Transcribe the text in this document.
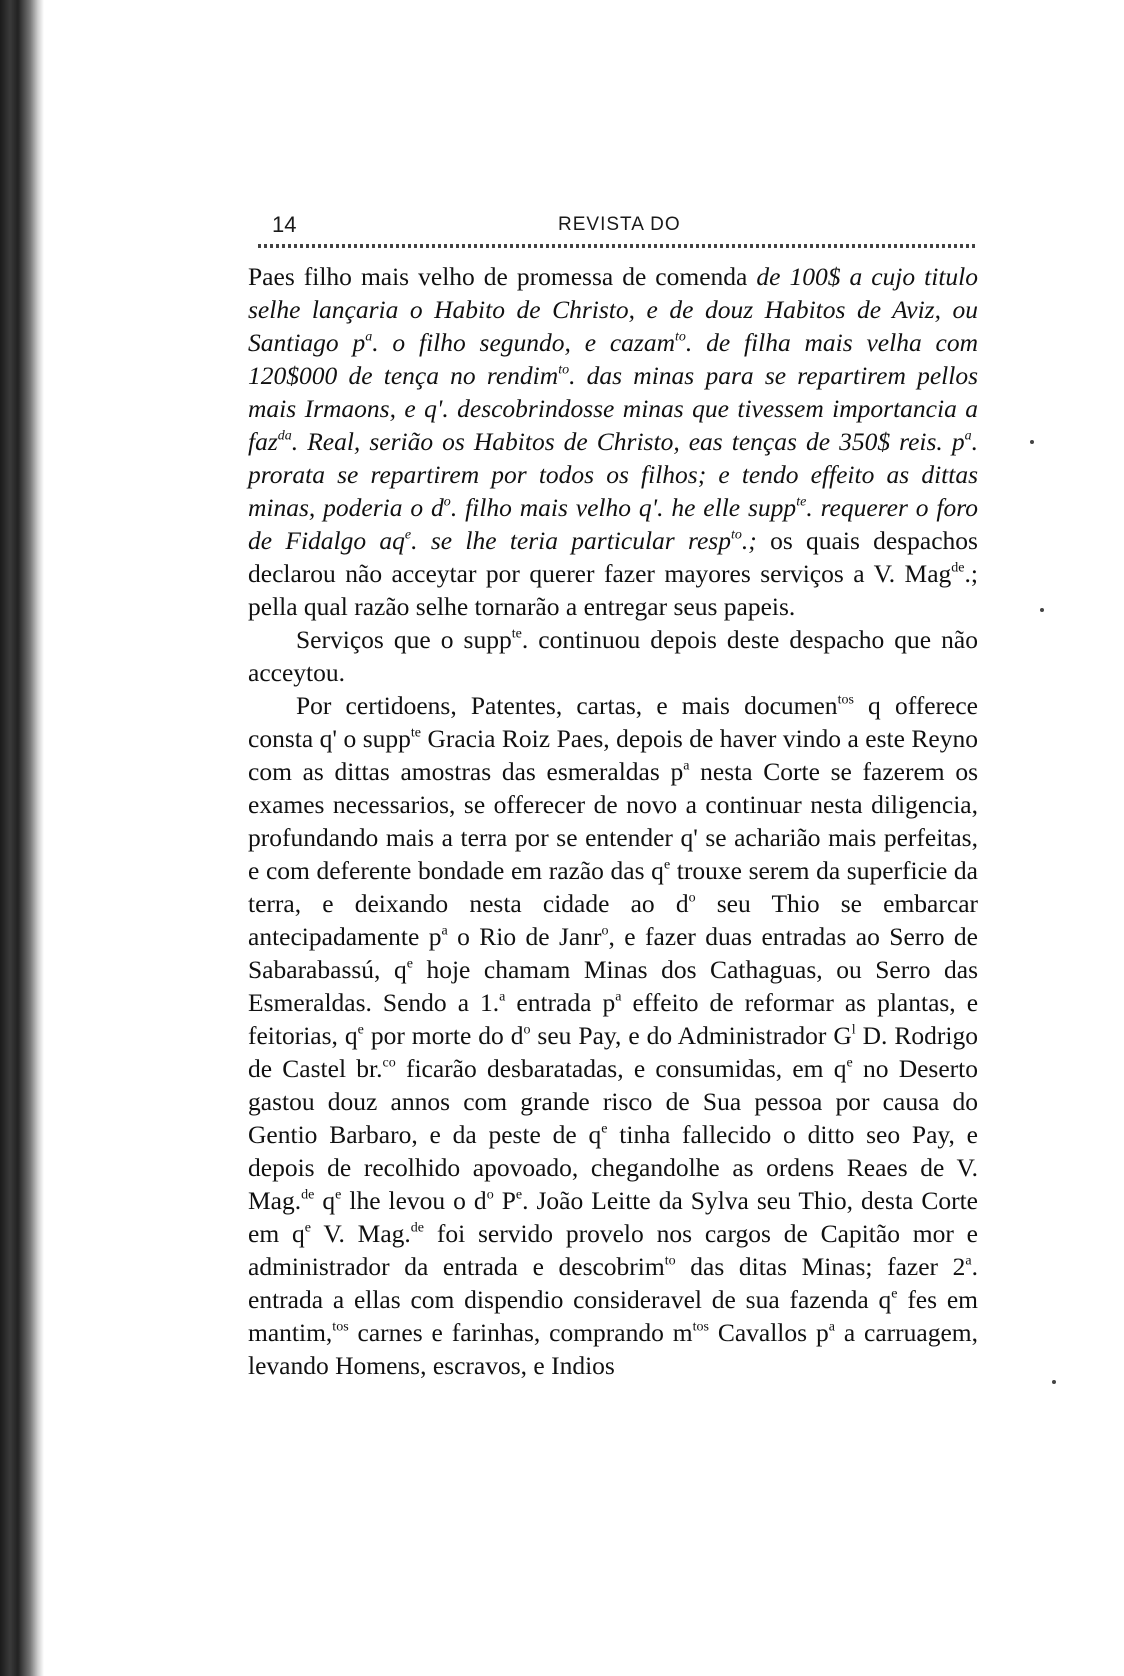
14	REVISTA DO

Paes filho mais velho de promessa de comenda de 100$ a cujo titulo selhe lançaria o Habito de Christo, e de douz Habitos de Aviz, ou Santiago $p^a$. o filho segundo, e cazam$^{to}$. de filha mais velha com 120$000 de tença no rendim$^{to}$. das minas para se repartirem pellos mais Irmaons, e q'. descobrindosse minas que tivessem importancia a faz$^{da}$. Real, serião os Habitos de Christo, eas tenças de 350$ reis. $p^a$. prorata se repartirem por todos os filhos; e tendo effeito as dittas minas, poderia o $d^o$. filho mais velho q'. he elle supp$^{te}$. requerer o foro de Fidalgo $aq^e$. se lhe teria particular resp$^{to}$.; os quais despachos declarou não acceytar por querer fazer mayores serviços a V. Mag$^{de}$.; pella qual razão selhe tornarão a entregar seus papeis.

Serviços que o supp$^{te}$. continuou depois deste despacho que não acceytou.

Por certidoens, Patentes, cartas, e mais documen$^{tos}$ q offerece consta q' o supp$^{te}$ Gracia Roiz Paes, depois de haver vindo a este Reyno com as dittas amostras das esmeraldas $p^a$ nesta Corte se fazerem os exames necessarios, se offerecer de novo a continuar nesta diligencia, profundando mais a terra por se entender q' se acharião mais perfeitas, e com deferente bondade em razão das $q^e$ trouxe serem da superficie da terra, e deixando nesta cidade ao $d^o$ seu Thio se embarcar antecipadamente $p^a$ o Rio de Janr$^o$, e fazer duas entradas ao Serro de Sabarabassú, $q^e$ hoje chamam Minas dos Cathaguas, ou Serro das Esmeraldas. Sendo a 1.$^a$ entrada $p^a$ effeito de reformar as plantas, e feitorias, $q^e$ por morte do $d^o$ seu Pay, e do Administrador $G^l$ D. Rodrigo de Castel br.$^{co}$ ficarão desbaratadas, e consumidas, em $q^e$ no Deserto gastou douz annos com grande risco de Sua pessoa por causa do Gentio Barbaro, e da peste de $q^e$ tinha fallecido o ditto seo Pay, e depois de recolhido apovoado, chegandolhe as ordens Reaes de V. Mag.$^{de}$ $q^e$ lhe levou o $d^o$ $P^e$. João Leitte da Sylva seu Thio, desta Corte em $q^e$ V. Mag.$^{de}$ foi servido provelo nos cargos de Capitão mor e administrador da entrada e descobrim$^{to}$ das ditas Minas; fazer 2$^a$. entrada a ellas com dispendio consideravel de sua fazenda $q^e$ fes em mantim,$^{tos}$ carnes e farinhas, comprando $m^{tos}$ Cavallos $p^a$ a carruagem, levando Homens, escravos, e Indios
